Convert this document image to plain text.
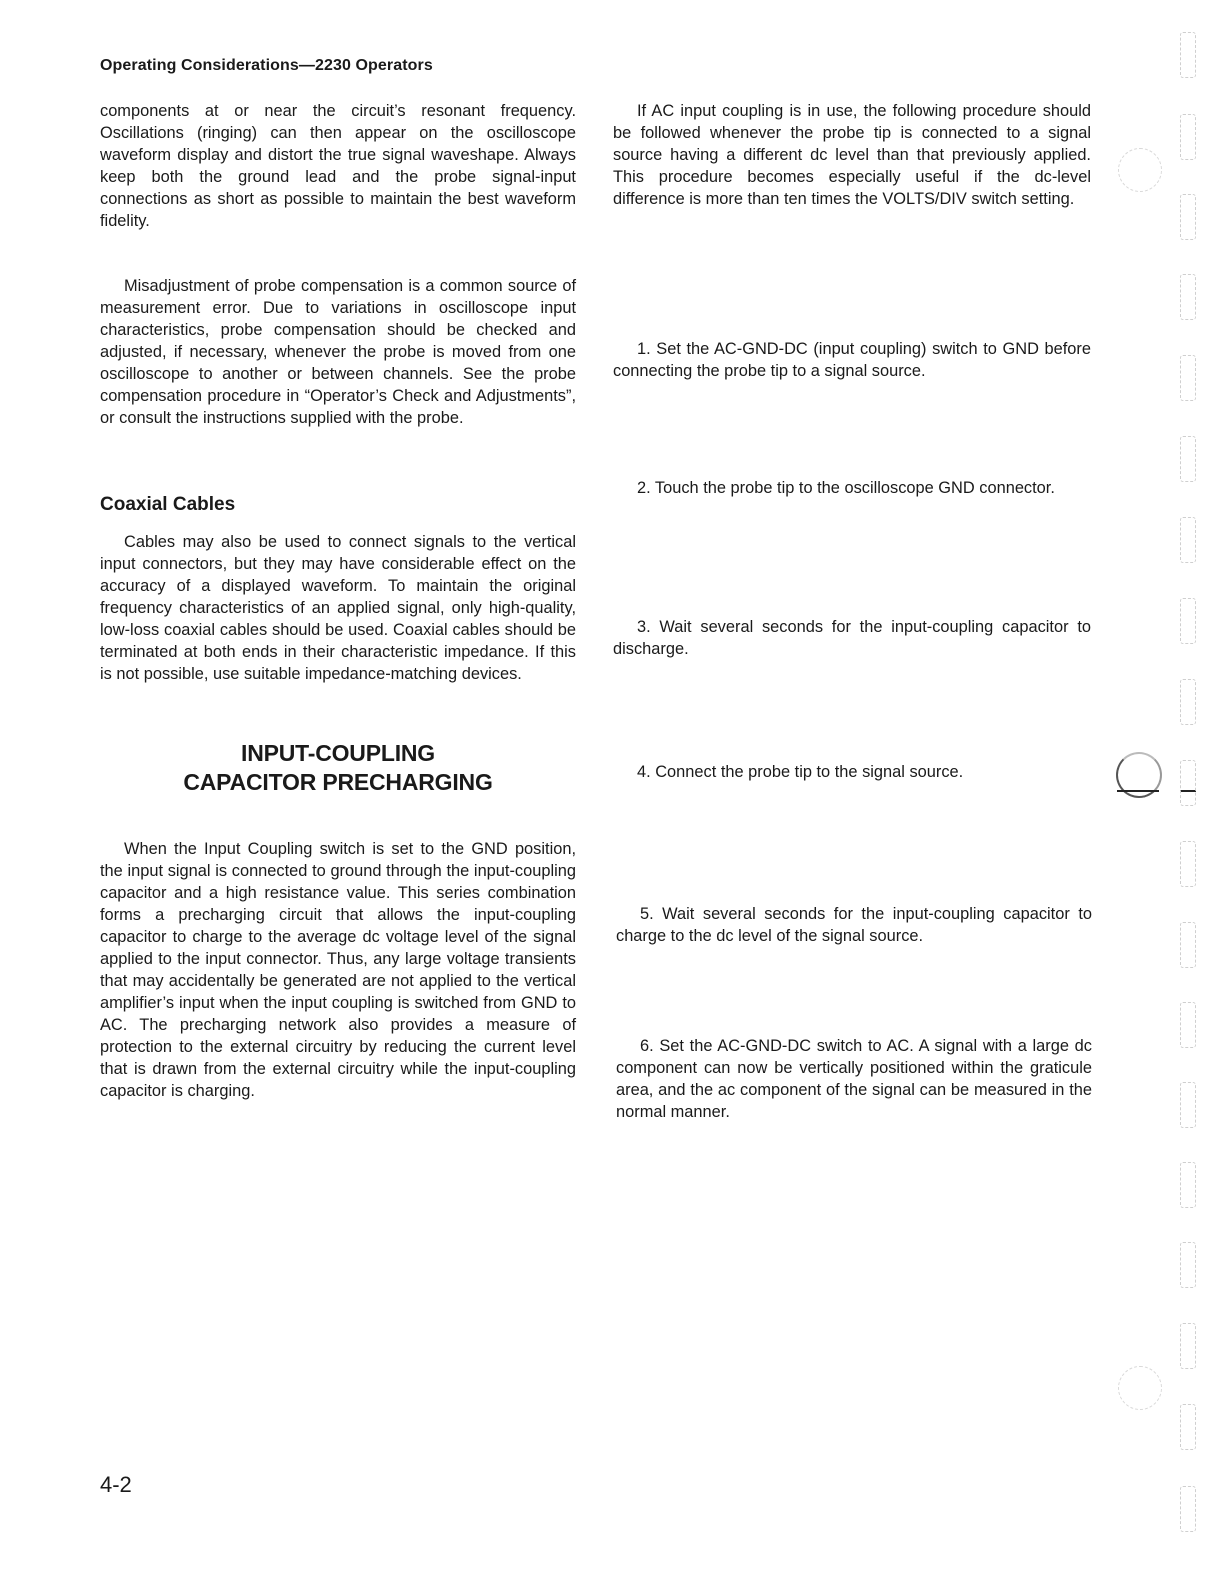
Operating Considerations—2230 Operators

components at or near the circuit’s resonant frequency. Oscillations (ringing) can then appear on the oscilloscope waveform display and distort the true signal waveshape. Always keep both the ground lead and the probe signal-input connections as short as possible to maintain the best waveform fidelity.

Misadjustment of probe compensation is a common source of measurement error. Due to variations in oscilloscope input characteristics, probe compensation should be checked and adjusted, if necessary, whenever the probe is moved from one oscilloscope to another or between channels. See the probe compensation procedure in “Operator’s Check and Adjustments”, or consult the instructions supplied with the probe.

Coaxial Cables

Cables may also be used to connect signals to the vertical input connectors, but they may have considerable effect on the accuracy of a displayed waveform. To maintain the original frequency characteristics of an applied signal, only high-quality, low-loss coaxial cables should be used. Coaxial cables should be terminated at both ends in their characteristic impedance. If this is not possible, use suitable impedance-matching devices.

INPUT-COUPLING
CAPACITOR PRECHARGING

When the Input Coupling switch is set to the GND position, the input signal is connected to ground through the input-coupling capacitor and a high resistance value. This series combination forms a precharging circuit that allows the input-coupling capacitor to charge to the average dc voltage level of the signal applied to the input connector. Thus, any large voltage transients that may accidentally be generated are not applied to the vertical amplifier’s input when the input coupling is switched from GND to AC. The precharging network also provides a measure of protection to the external circuitry by reducing the current level that is drawn from the external circuitry while the input-coupling capacitor is charging.

If AC input coupling is in use, the following procedure should be followed whenever the probe tip is connected to a signal source having a different dc level than that previously applied. This procedure becomes especially useful if the dc-level difference is more than ten times the VOLTS/DIV switch setting.

1. Set the AC-GND-DC (input coupling) switch to GND before connecting the probe tip to a signal source.

2. Touch the probe tip to the oscilloscope GND connector.

3. Wait several seconds for the input-coupling capacitor to discharge.

4. Connect the probe tip to the signal source.

5. Wait several seconds for the input-coupling capacitor to charge to the dc level of the signal source.

6. Set the AC-GND-DC switch to AC. A signal with a large dc component can now be vertically positioned within the graticule area, and the ac component of the signal can be measured in the normal manner.

4-2
